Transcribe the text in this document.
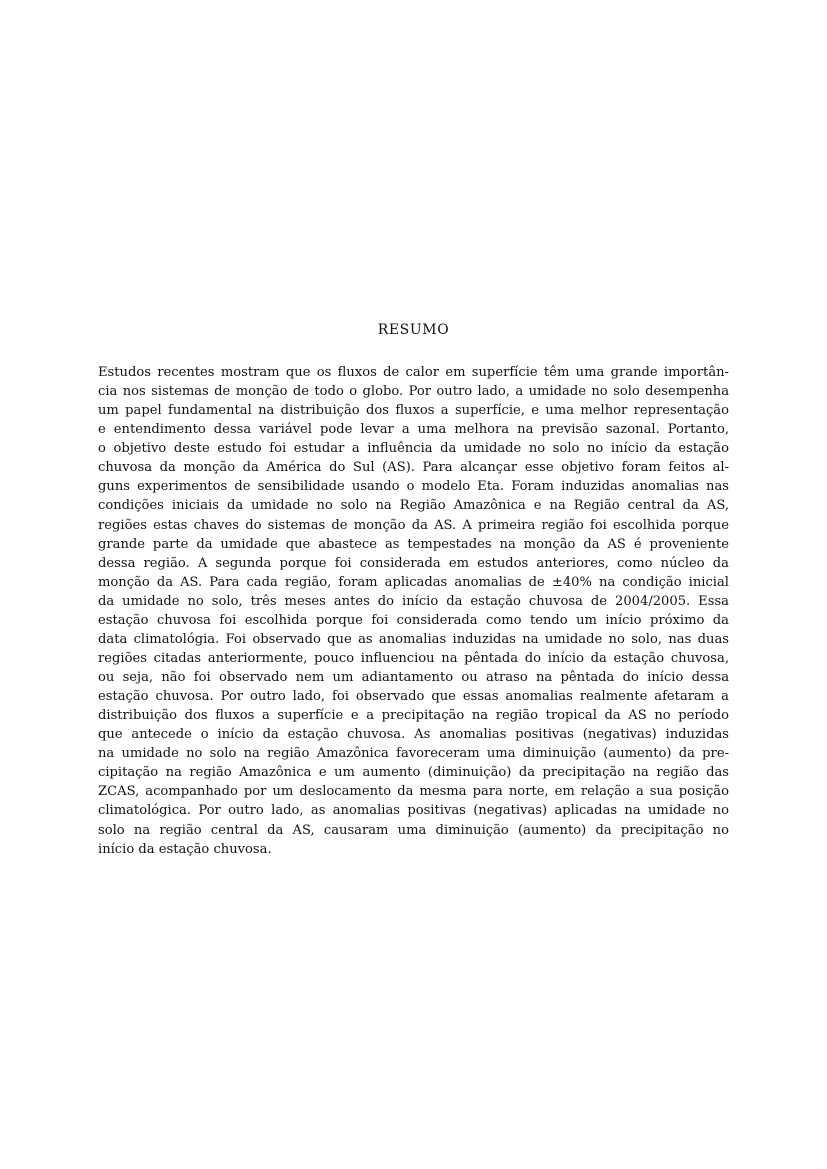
RESUMO
Estudos recentes mostram que os fluxos de calor em superfície têm uma grande importân-
cia nos sistemas de monção de todo o globo. Por outro lado, a umidade no solo desempenha
um papel fundamental na distribuição dos fluxos a superfície, e uma melhor representação
e entendimento dessa variável pode levar a uma melhora na previsão sazonal. Portanto,
o objetivo deste estudo foi estudar a influência da umidade no solo no início da estação
chuvosa da monção da América do Sul (AS). Para alcançar esse objetivo foram feitos al-
guns experimentos de sensibilidade usando o modelo Eta. Foram induzidas anomalias nas
condições iniciais da umidade no solo na Região Amazônica e na Região central da AS,
regiões estas chaves do sistemas de monção da AS. A primeira região foi escolhida porque
grande parte da umidade que abastece as tempestades na monção da AS é proveniente
dessa região. A segunda porque foi considerada em estudos anteriores, como núcleo da
monção da AS. Para cada região, foram aplicadas anomalias de ±40% na condição inicial
da umidade no solo, três meses antes do início da estação chuvosa de 2004/2005. Essa
estação chuvosa foi escolhida porque foi considerada como tendo um início próximo da
data climatológia. Foi observado que as anomalias induzidas na umidade no solo, nas duas
regiões citadas anteriormente, pouco influenciou na pêntada do início da estação chuvosa,
ou seja, não foi observado nem um adiantamento ou atraso na pêntada do início dessa
estação chuvosa. Por outro lado, foi observado que essas anomalias realmente afetaram a
distribuição dos fluxos a superfície e a precipitação na região tropical da AS no período
que antecede o início da estação chuvosa. As anomalias positivas (negativas) induzidas
na umidade no solo na região Amazônica favoreceram uma diminuição (aumento) da pre-
cipitação na região Amazônica e um aumento (diminuição) da precipitação na região das
ZCAS, acompanhado por um deslocamento da mesma para norte, em relação a sua posição
climatológica. Por outro lado, as anomalias positivas (negativas) aplicadas na umidade no
solo na região central da AS, causaram uma diminuição (aumento) da precipitação no
início da estação chuvosa.
